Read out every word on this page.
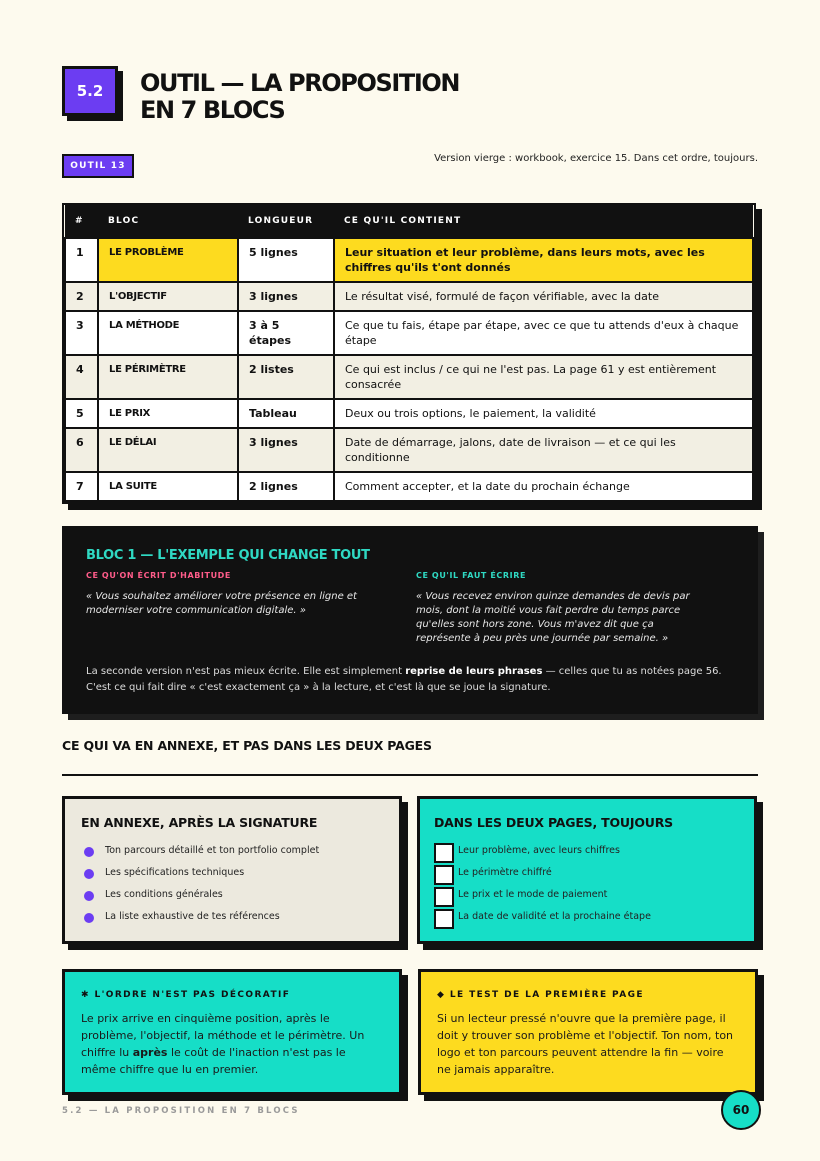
5.2 OUTIL — LA PROPOSITION
EN 7 BLOCS
OUTIL 13
Version vierge : workbook, exercice 15. Dans cet ordre, toujours.
#	BLOC	LONGUEUR	CE QU'IL CONTIENT
1	LE PROBLÈME	5 lignes	Leur situation et leur problème, dans leurs mots, avec les chiffres qu'ils t'ont donnés
2	L'OBJECTIF	3 lignes	Le résultat visé, formulé de façon vérifiable, avec la date
3	LA MÉTHODE	3 à 5 étapes	Ce que tu fais, étape par étape, avec ce que tu attends d'eux à chaque étape
4	LE PÉRIMÈTRE	2 listes	Ce qui est inclus / ce qui ne l'est pas. La page 61 y est entièrement consacrée
5	LE PRIX	Tableau	Deux ou trois options, le paiement, la validité
6	LE DÉLAI	3 lignes	Date de démarrage, jalons, date de livraison — et ce qui les conditionne
7	LA SUITE	2 lignes	Comment accepter, et la date du prochain échange
BLOC 1 — L'EXEMPLE QUI CHANGE TOUT
CE QU'ON ÉCRIT D'HABITUDE
« Vous souhaitez améliorer votre présence en ligne et moderniser votre communication digitale. »
CE QU'IL FAUT ÉCRIRE
« Vous recevez environ quinze demandes de devis par mois, dont la moitié vous fait perdre du temps parce qu'elles sont hors zone. Vous m'avez dit que ça représente à peu près une journée par semaine. »

La seconde version n'est pas mieux écrite. Elle est simplement reprise de leurs phrases — celles que tu as notées page 56. C'est ce qui fait dire « c'est exactement ça » à la lecture, et c'est là que se joue la signature.

CE QUI VA EN ANNEXE, ET PAS DANS LES DEUX PAGES
EN ANNEXE, APRÈS LA SIGNATURE
Ton parcours détaillé et ton portfolio complet
Les spécifications techniques
Les conditions générales
La liste exhaustive de tes références
DANS LES DEUX PAGES, TOUJOURS
Leur problème, avec leurs chiffres
Le périmètre chiffré
Le prix et le mode de paiement
La date de validité et la prochaine étape
✱ L'ORDRE N'EST PAS DÉCORATIF

Le prix arrive en cinquième position, après le problème, l'objectif, la méthode et le périmètre. Un chiffre lu après le coût de l'inaction n'est pas le même chiffre que lu en premier.

◆ LE TEST DE LA PREMIÈRE PAGE

Si un lecteur pressé n'ouvre que la première page, il doit y trouver son problème et l'objectif. Ton nom, ton logo et ton parcours peuvent attendre la fin — voire ne jamais apparaître.

5.2 — LA PROPOSITION EN 7 BLOCS	60
